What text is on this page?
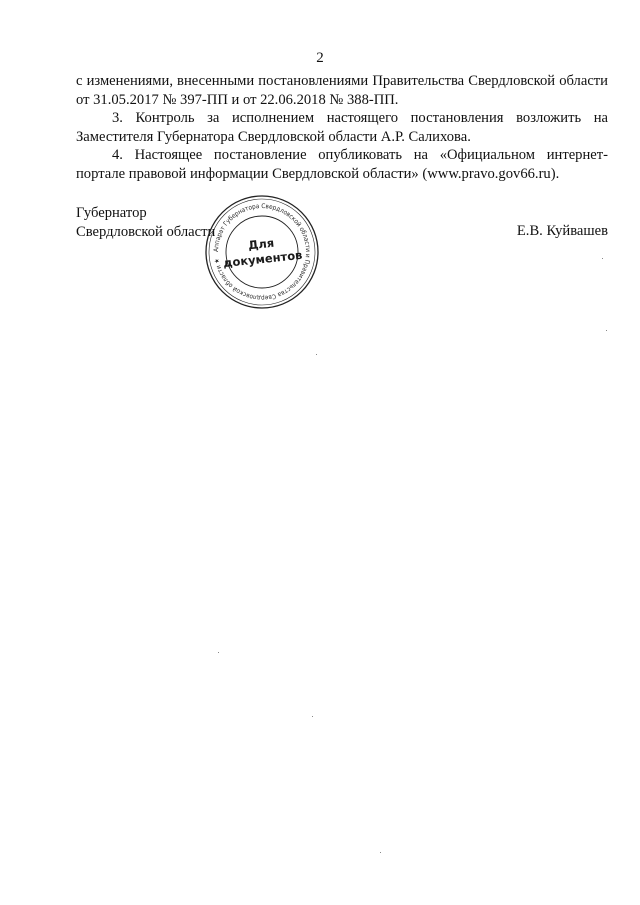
2

с изменениями, внесенными постановлениями Правительства Свердловской области от 31.05.2017 № 397-ПП и от 22.06.2018 № 388-ПП.

3. Контроль за исполнением настоящего постановления возложить на Заместителя Губернатора Свердловской области А.Р. Салихова.

4. Настоящее постановление опубликовать на «Официальном интернет-портале правовой информации Свердловской области» (www.pravo.gov66.ru).

Губернатор
Свердловской области	Е.В. Куйвашев
Аппарат Губернатора Свердловской области и Правительства Свердловской области ★
Для
документов
